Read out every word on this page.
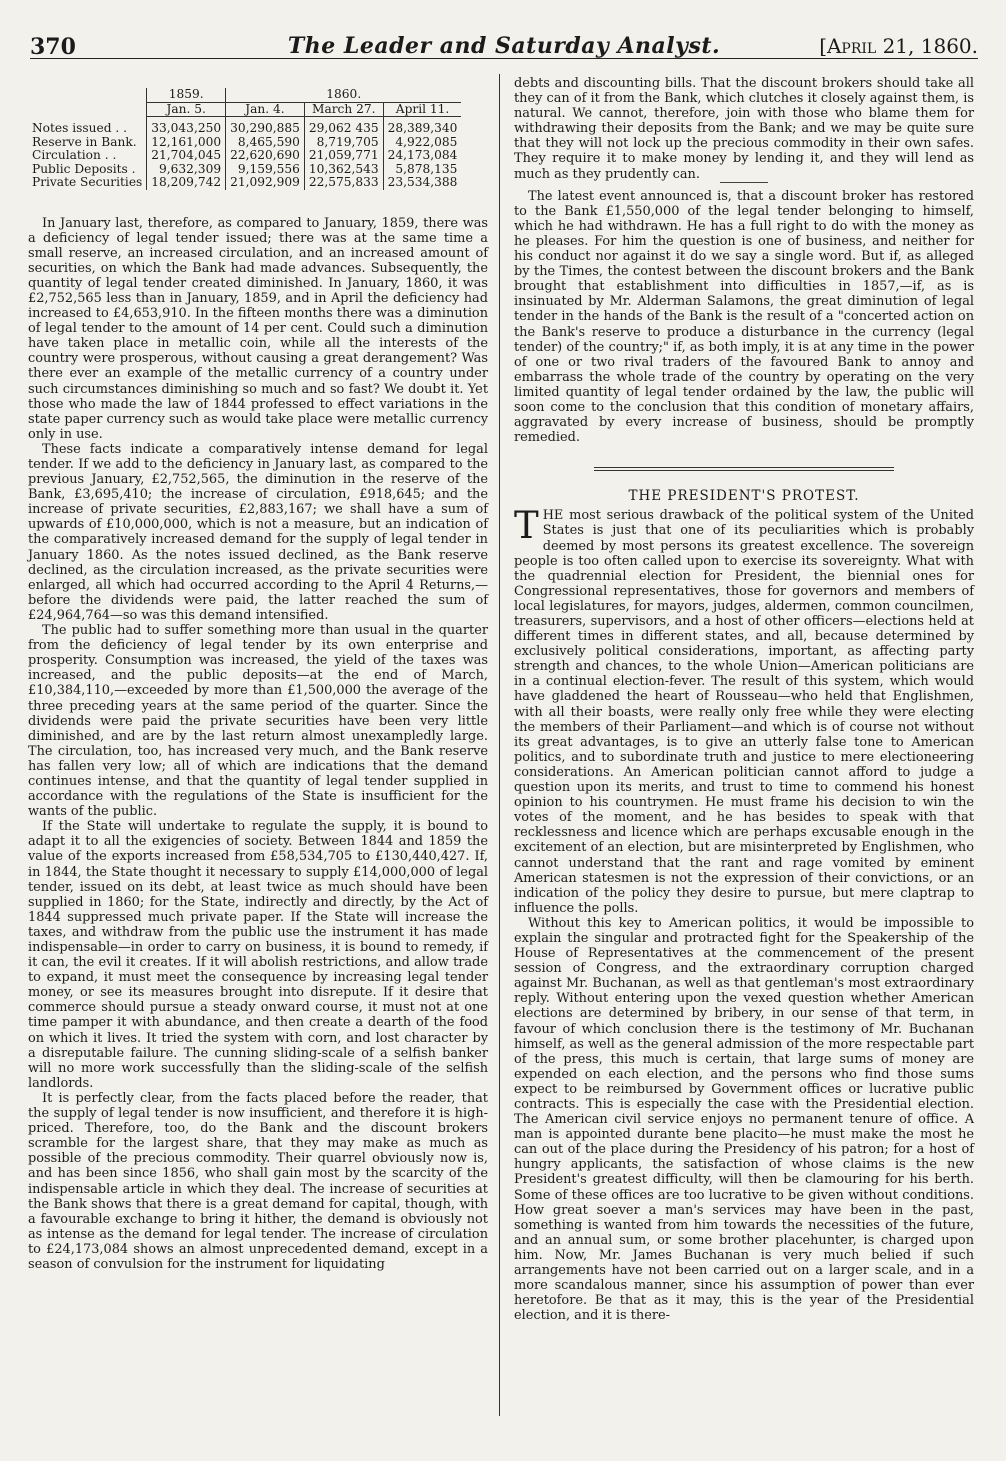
370	The Leader and Saturday Analyst.	[April 21, 1860.
	1859.	1860.		
	Jan. 5.	Jan. 4.	March 27.	April 11.
Notes issued . .	33,043,250	30,290,885	29,062 435	28,389,340
Reserve in Bank.	12,161,000	8,465,590	8,719,705	4,922,085
Circulation . .	21,704,045	22,620,690	21,059,771	24,173,084
Public Deposits .	9,632,309	9,159,556	10,362,543	5,878,135
Private Securities	18,209,742	21,092,909	22,575,833	23,534,388

In January last, therefore, as compared to January, 1859, there was a deficiency of legal tender issued; there was at the same time a small reserve, an increased circulation, and an increased amount of securities, on which the Bank had made advances. Subsequently, the quantity of legal tender created diminished. In January, 1860, it was £2,752,565 less than in January, 1859, and in April the deficiency had increased to £4,653,910. In the fifteen months there was a diminution of legal tender to the amount of 14 per cent. Could such a diminution have taken place in metallic coin, while all the interests of the country were prosperous, without causing a great derangement? Was there ever an example of the metallic currency of a country under such circumstances diminishing so much and so fast? We doubt it. Yet those who made the law of 1844 professed to effect variations in the state paper currency such as would take place were metallic currency only in use.

These facts indicate a comparatively intense demand for legal tender. If we add to the deficiency in January last, as compared to the previous January, £2,752,565, the diminution in the reserve of the Bank, £3,695,410; the increase of circulation, £918,645; and the increase of private securities, £2,883,167; we shall have a sum of upwards of £10,000,000, which is not a measure, but an indication of the comparatively increased demand for the supply of legal tender in January 1860. As the notes issued declined, as the Bank reserve declined, as the circulation increased, as the private securities were enlarged, all which had occurred according to the April 4 Returns,—before the dividends were paid, the latter reached the sum of £24,964,764—so was this demand intensified.

The public had to suffer something more than usual in the quarter from the deficiency of legal tender by its own enterprise and prosperity. Consumption was increased, the yield of the taxes was increased, and the public deposits—at the end of March, £10,384,110,—exceeded by more than £1,500,000 the average of the three preceding years at the same period of the quarter. Since the dividends were paid the private securities have been very little diminished, and are by the last return almost unexampledly large. The circulation, too, has increased very much, and the Bank reserve has fallen very low; all of which are indications that the demand continues intense, and that the quantity of legal tender supplied in accordance with the regulations of the State is insufficient for the wants of the public.

If the State will undertake to regulate the supply, it is bound to adapt it to all the exigencies of society. Between 1844 and 1859 the value of the exports increased from £58,534,705 to £130,440,427. If, in 1844, the State thought it necessary to supply £14,000,000 of legal tender, issued on its debt, at least twice as much should have been supplied in 1860; for the State, indirectly and directly, by the Act of 1844 suppressed much private paper. If the State will increase the taxes, and withdraw from the public use the instrument it has made indispensable—in order to carry on business, it is bound to remedy, if it can, the evil it creates. If it will abolish restrictions, and allow trade to expand, it must meet the consequence by increasing legal tender money, or see its measures brought into disrepute. If it desire that commerce should pursue a steady onward course, it must not at one time pamper it with abundance, and then create a dearth of the food on which it lives. It tried the system with corn, and lost character by a disreputable failure. The cunning sliding-scale of a selfish banker will no more work successfully than the sliding-scale of the selfish landlords.

It is perfectly clear, from the facts placed before the reader, that the supply of legal tender is now insufficient, and therefore it is high-priced. Therefore, too, do the Bank and the discount brokers scramble for the largest share, that they may make as much as possible of the precious commodity. Their quarrel obviously now is, and has been since 1856, who shall gain most by the scarcity of the indispensable article in which they deal. The increase of securities at the Bank shows that there is a great demand for capital, though, with a favourable exchange to bring it hither, the demand is obviously not as intense as the demand for legal tender. The increase of circulation to £24,173,084 shows an almost unprecedented demand, except in a season of convulsion for the instrument for liquidating

debts and discounting bills. That the discount brokers should take all they can of it from the Bank, which clutches it closely against them, is natural. We cannot, therefore, join with those who blame them for withdrawing their deposits from the Bank; and we may be quite sure that they will not lock up the precious commodity in their own safes. They require it to make money by lending it, and they will lend as much as they prudently can.

The latest event announced is, that a discount broker has restored to the Bank £1,550,000 of the legal tender belonging to himself, which he had withdrawn. He has a full right to do with the money as he pleases. For him the question is one of business, and neither for his conduct nor against it do we say a single word. But if, as alleged by the Times, the contest between the discount brokers and the Bank brought that establishment into difficulties in 1857,—if, as is insinuated by Mr. Alderman Salamons, the great diminution of legal tender in the hands of the Bank is the result of a "concerted action on the Bank's reserve to produce a disturbance in the currency (legal tender) of the country;" if, as both imply, it is at any time in the power of one or two rival traders of the favoured Bank to annoy and embarrass the whole trade of the country by operating on the very limited quantity of legal tender ordained by the law, the public will soon come to the conclusion that this condition of monetary affairs, aggravated by every increase of business, should be promptly remedied.

THE PRESIDENT'S PROTEST.

THE most serious drawback of the political system of the United States is just that one of its peculiarities which is probably deemed by most persons its greatest excellence. The sovereign people is too often called upon to exercise its sovereignty. What with the quadrennial election for President, the biennial ones for Congressional representatives, those for governors and members of local legislatures, for mayors, judges, aldermen, common councilmen, treasurers, supervisors, and a host of other officers—elections held at different times in different states, and all, because determined by exclusively political considerations, important, as affecting party strength and chances, to the whole Union—American politicians are in a continual election-fever. The result of this system, which would have gladdened the heart of Rousseau—who held that Englishmen, with all their boasts, were really only free while they were electing the members of their Parliament—and which is of course not without its great advantages, is to give an utterly false tone to American politics, and to subordinate truth and justice to mere electioneering considerations. An American politician cannot afford to judge a question upon its merits, and trust to time to commend his honest opinion to his countrymen. He must frame his decision to win the votes of the moment, and he has besides to speak with that recklessness and licence which are perhaps excusable enough in the excitement of an election, but are misinterpreted by Englishmen, who cannot understand that the rant and rage vomited by eminent American statesmen is not the expression of their convictions, or an indication of the policy they desire to pursue, but mere claptrap to influence the polls.

Without this key to American politics, it would be impossible to explain the singular and protracted fight for the Speakership of the House of Representatives at the commencement of the present session of Congress, and the extraordinary corruption charged against Mr. Buchanan, as well as that gentleman's most extraordinary reply. Without entering upon the vexed question whether American elections are determined by bribery, in our sense of that term, in favour of which conclusion there is the testimony of Mr. Buchanan himself, as well as the general admission of the more respectable part of the press, this much is certain, that large sums of money are expended on each election, and the persons who find those sums expect to be reimbursed by Government offices or lucrative public contracts. This is especially the case with the Presidential election. The American civil service enjoys no permanent tenure of office. A man is appointed durante bene placito—he must make the most he can out of the place during the Presidency of his patron; for a host of hungry applicants, the satisfaction of whose claims is the new President's greatest difficulty, will then be clamouring for his berth. Some of these offices are too lucrative to be given without conditions. How great soever a man's services may have been in the past, something is wanted from him towards the necessities of the future, and an annual sum, or some brother placehunter, is charged upon him. Now, Mr. James Buchanan is very much belied if such arrangements have not been carried out on a larger scale, and in a more scandalous manner, since his assumption of power than ever heretofore. Be that as it may, this is the year of the Presidential election, and it is there-
